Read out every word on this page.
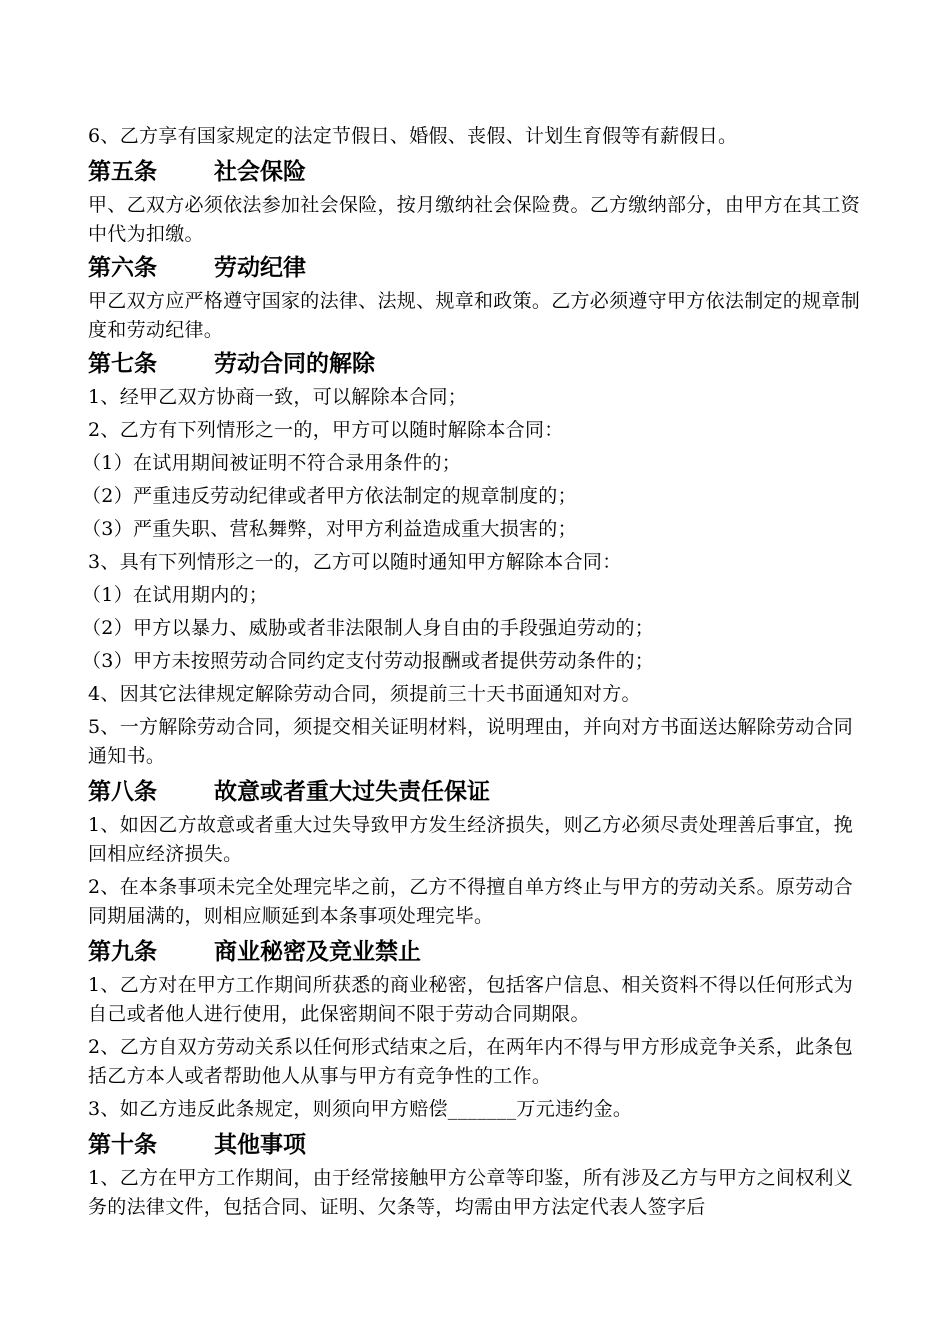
6、乙方享有国家规定的法定节假日、婚假、丧假、计划生育假等有薪假日。

第五条 社会保险

甲、乙双方必须依法参加社会保险，按月缴纳社会保险费。乙方缴纳部分，由甲方在其工资中代为扣缴。

第六条 劳动纪律

甲乙双方应严格遵守国家的法律、法规、规章和政策。乙方必须遵守甲方依法制定的规章制度和劳动纪律。

第七条 劳动合同的解除

1、经甲乙双方协商一致，可以解除本合同；

2、乙方有下列情形之一的，甲方可以随时解除本合同：

（1）在试用期间被证明不符合录用条件的；

（2）严重违反劳动纪律或者甲方依法制定的规章制度的；

（3）严重失职、营私舞弊，对甲方利益造成重大损害的；

3、具有下列情形之一的，乙方可以随时通知甲方解除本合同：

（1）在试用期内的；

（2）甲方以暴力、威胁或者非法限制人身自由的手段强迫劳动的；

（3）甲方未按照劳动合同约定支付劳动报酬或者提供劳动条件的；

4、因其它法律规定解除劳动合同，须提前三十天书面通知对方。

5、一方解除劳动合同，须提交相关证明材料，说明理由，并向对方书面送达解除劳动合同通知书。

第八条 故意或者重大过失责任保证

1、如因乙方故意或者重大过失导致甲方发生经济损失，则乙方必须尽责处理善后事宜，挽回相应经济损失。

2、在本条事项未完全处理完毕之前，乙方不得擅自单方终止与甲方的劳动关系。原劳动合同期届满的，则相应顺延到本条事项处理完毕。

第九条 商业秘密及竞业禁止

1、乙方对在甲方工作期间所获悉的商业秘密，包括客户信息、相关资料不得以任何形式为自己或者他人进行使用，此保密期间不限于劳动合同期限。

2、乙方自双方劳动关系以任何形式结束之后，在两年内不得与甲方形成竞争关系，此条包括乙方本人或者帮助他人从事与甲方有竞争性的工作。

3、如乙方违反此条规定，则须向甲方赔偿_______万元违约金。

第十条 其他事项

1、乙方在甲方工作期间，由于经常接触甲方公章等印鉴，所有涉及乙方与甲方之间权利义务的法律文件，包括合同、证明、欠条等，均需由甲方法定代表人签字后
